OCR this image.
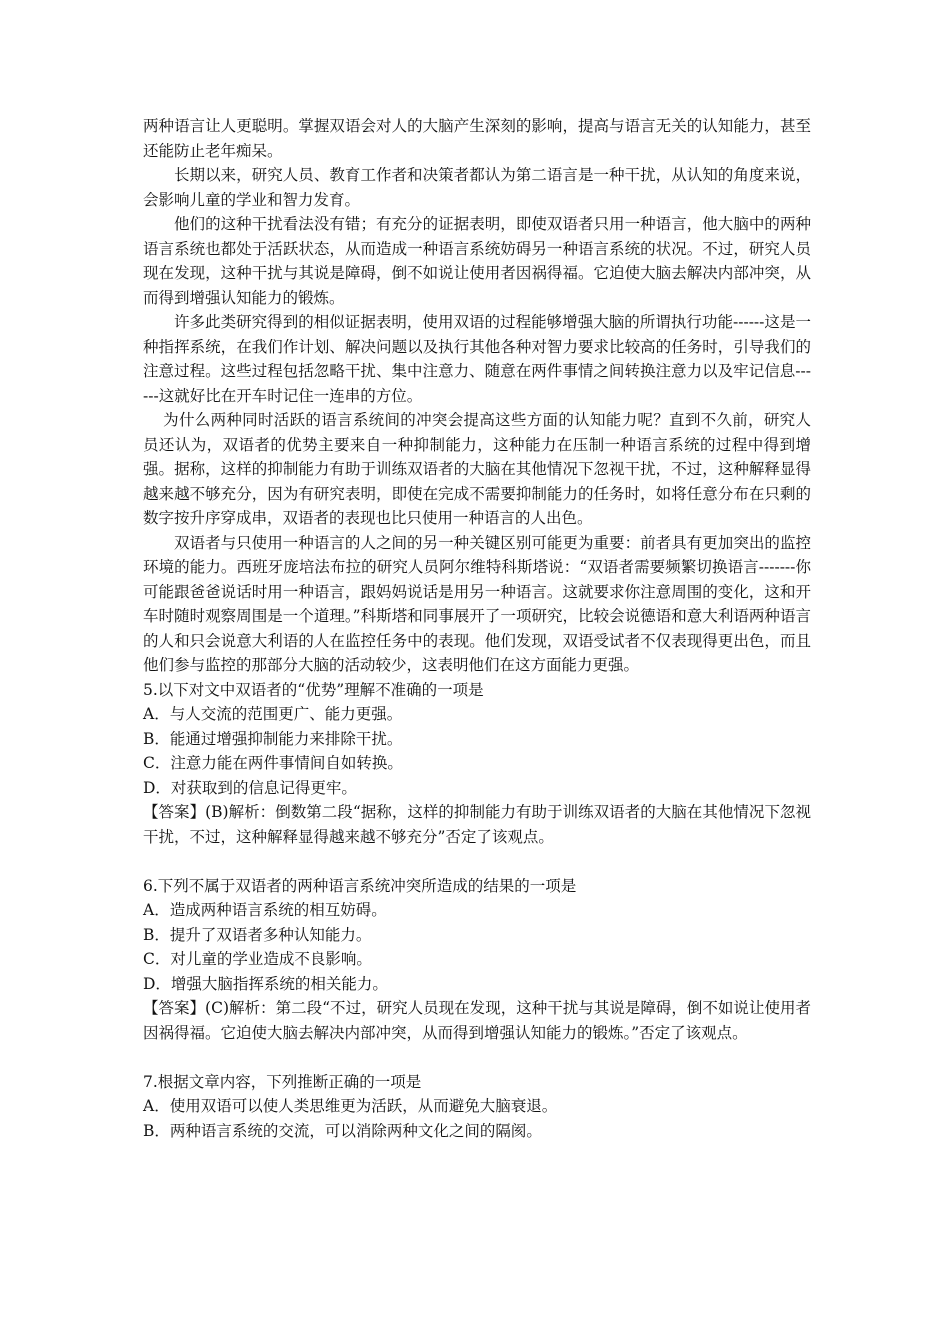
两种语言让人更聪明。掌握双语会对人的大脑产生深刻的影响，提高与语言无关的认知能力，甚至还能防止老年痴呆。

长期以来，研究人员、教育工作者和决策者都认为第二语言是一种干扰，从认知的角度来说，会影响儿童的学业和智力发育。

他们的这种干扰看法没有错；有充分的证据表明，即使双语者只用一种语言，他大脑中的两种语言系统也都处于活跃状态，从而造成一种语言系统妨碍另一种语言系统的状况。不过，研究人员现在发现，这种干扰与其说是障碍，倒不如说让使用者因祸得福。它迫使大脑去解决内部冲突，从而得到增强认知能力的锻炼。

许多此类研究得到的相似证据表明，使用双语的过程能够增强大脑的所谓执行功能------这是一种指挥系统，在我们作计划、解决问题以及执行其他各种对智力要求比较高的任务时，引导我们的注意过程。这些过程包括忽略干扰、集中注意力、随意在两件事情之间转换注意力以及牢记信息------这就好比在开车时记住一连串的方位。

为什么两种同时活跃的语言系统间的冲突会提高这些方面的认知能力呢？直到不久前，研究人员还认为，双语者的优势主要来自一种抑制能力，这种能力在压制一种语言系统的过程中得到增强。据称，这样的抑制能力有助于训练双语者的大脑在其他情况下忽视干扰，不过，这种解释显得越来越不够充分，因为有研究表明，即使在完成不需要抑制能力的任务时，如将任意分布在只剩的数字按升序穿成串，双语者的表现也比只使用一种语言的人出色。

双语者与只使用一种语言的人之间的另一种关键区别可能更为重要：前者具有更加突出的监控环境的能力。西班牙庞培法布拉的研究人员阿尔维特科斯塔说：“双语者需要频繁切换语言-------你可能跟爸爸说话时用一种语言，跟妈妈说话是用另一种语言。这就要求你注意周围的变化，这和开车时随时观察周围是一个道理。”科斯塔和同事展开了一项研究，比较会说德语和意大利语两种语言的人和只会说意大利语的人在监控任务中的表现。他们发现，双语受试者不仅表现得更出色，而且他们参与监控的那部分大脑的活动较少，这表明他们在这方面能力更强。

5.以下对文中双语者的“优势”理解不准确的一项是

A．与人交流的范围更广、能力更强。

B．能通过增强抑制能力来排除干扰。

C．注意力能在两件事情间自如转换。

D．对获取到的信息记得更牢。

【答案】(B)解析：倒数第二段“据称，这样的抑制能力有助于训练双语者的大脑在其他情况下忽视干扰，不过，这种解释显得越来越不够充分”否定了该观点。

6.下列不属于双语者的两种语言系统冲突所造成的结果的一项是

A．造成两种语言系统的相互妨碍。

B．提升了双语者多种认知能力。

C．对儿童的学业造成不良影响。

D．增强大脑指挥系统的相关能力。

【答案】(C)解析：第二段“不过，研究人员现在发现，这种干扰与其说是障碍，倒不如说让使用者因祸得福。它迫使大脑去解决内部冲突，从而得到增强认知能力的锻炼。”否定了该观点。

7.根据文章内容，下列推断正确的一项是

A．使用双语可以使人类思维更为活跃，从而避免大脑衰退。

B．两种语言系统的交流，可以消除两种文化之间的隔阂。
